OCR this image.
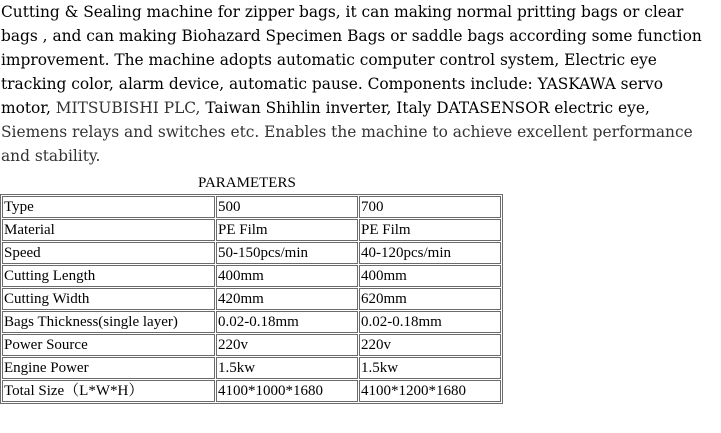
Cutting & Sealing machine for zipper bags, it can making normal pritting bags or clear bags , and can making Biohazard Specimen Bags or saddle bags according some function improvement. The machine adopts automatic computer control system, Electric eye tracking color, alarm device, automatic pause. Components include: YASKAWA servo motor, MITSUBISHI PLC, Taiwan Shihlin inverter, Italy DATASENSOR electric eye, Siemens relays and switches etc. Enables the machine to achieve excellent performance and stability.

PARAMETERS
Type	500	700
Material	PE Film	PE Film
Speed	50-150pcs/min	40-120pcs/min
Cutting Length	400mm	400mm
Cutting Width	420mm	620mm
Bags Thickness(single layer)	0.02-0.18mm	0.02-0.18mm
Power Source	220v	220v
Engine Power	1.5kw	1.5kw
Total Size（L*W*H）	4100*1000*1680	4100*1200*1680
